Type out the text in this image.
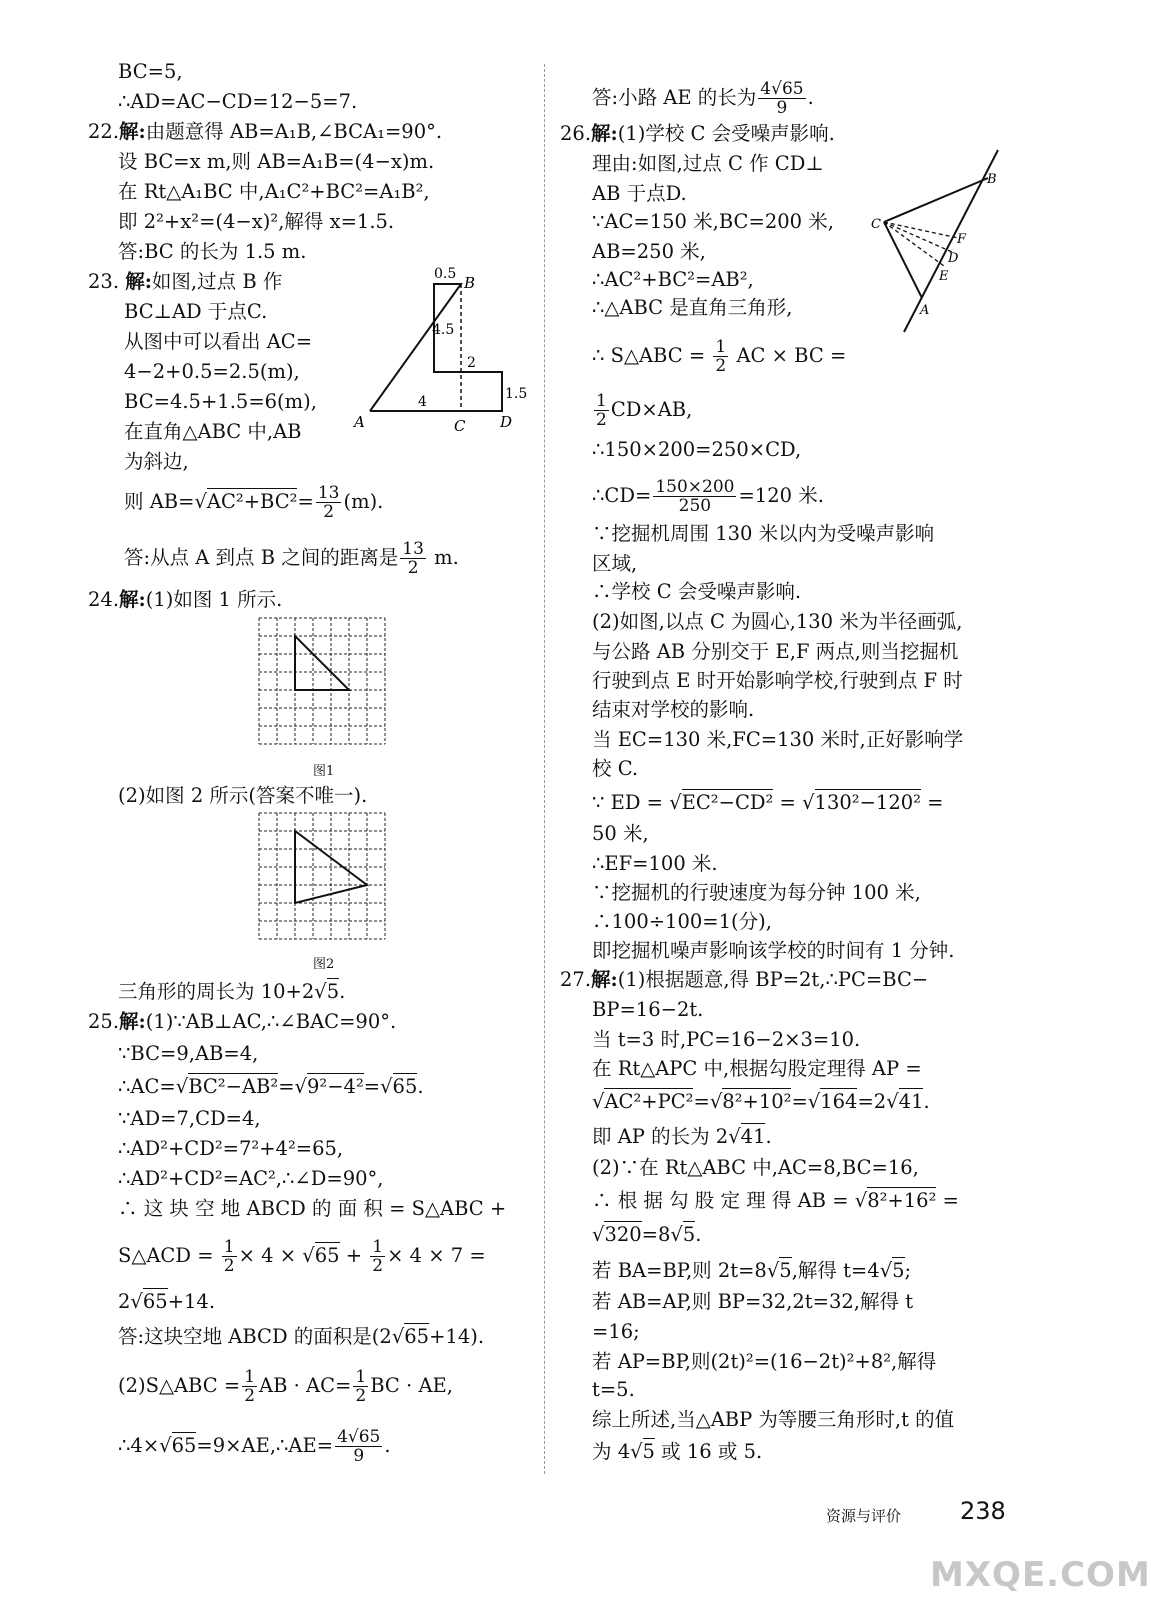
BC=5,
∴AD=AC−CD=12−5=7.
22.解:由题意得 AB=A₁B,∠BCA₁=90°.
设 BC=x m,则 AB=A₁B=(4−x)m.
在 Rt△A₁BC 中,A₁C²+BC²=A₁B²,
即 2²+x²=(4−x)²,解得 x=1.5.
答:BC 的长为 1.5 m.
23. 解:如图,过点 B 作
BC⊥AD 于点C.
从图中可以看出 AC=
4−2+0.5=2.5(m),
BC=4.5+1.5=6(m),
在直角△ABC 中,AB
为斜边,
则 AB= √ $AC^2+BC^2= \frac{13}{2} (m)$.
答:从点 A 到点 B 之间的距离是 $\frac{13}{2} m$.
A
B
C D
0.5
4.5
2
1.5
4
24.解:(1)如图 1 所示.
图1
(2)如图 2 所示(答案不唯一).
图2
三角形的周长为 10+2 √ 5.
25.解:(1)∵AB⊥AC,∴∠BAC=90°.
∵BC=9,AB=4,
∴AC= √ BC²−AB²= √ 9²−4²= √ 65.
∵AD=7,CD=4,
∴AD²+CD²=7²+4²=65,
∴AD²+CD²=AC²,∴∠D=90°,
∴ 这 块 空 地 ABCD 的 面 积 = S△ABC +
S△ACD = $\frac{1}{2} \times 4$ × √ $65 + \frac{1}{2} \times 4 \times 7$ =
2 √ 65+14.
答:这块空地 ABCD 的面积是(2 √ 65+14).
(2)S△ABC = $\frac{1}{2}$ AB · $AC= \frac{1}{2}$ BC · AE,
∴4× √ 65=9×AE,∴AE= $\frac{4√65}{9}$ .
答:小路 AE 的长为 $\frac{4√65}{9}$ .
26.解:(1)学校 C 会受噪声影响.
理由:如图,过点 C 作 CD⊥
AB 于点D.
∵AC=150 米,BC=200 米,
AB=250 米,
∴AC²+BC²=AB²,
∴△ABC 是直角三角形,
∴ S△ABC = $\frac{1}{2}$ AC × BC =
$\frac{1}{2} CD\times AB$,
∴150×200=250×CD,
∴CD= $\frac{150\times 200}{250} =120$ 米.
∵挖掘机周围 130 米以内为受噪声影响
区域,
∴学校 C 会受噪声影响.
(2)如图,以点 C 为圆心,130 米为半径画弧,
与公路 AB 分别交于 E,F 两点,则当挖掘机
行驶到点 E 时开始影响学校,行驶到点 F 时
结束对学校的影响.
当 EC=130 米,FC=130 米时,正好影响学
校 C.
∵ ED = √ EC²−CD² = √ 130²−120² =
50 米,
∴EF=100 米.
∵挖掘机的行驶速度为每分钟 100 米,
∴100÷100=1(分),
即挖掘机噪声影响该学校的时间有 1 分钟.
C
B
A
F
D
E
27.解:(1)根据题意,得 BP=2t,∴PC=BC−
BP=16−2t.
当 t=3 时,PC=16−2×3=10.
在 Rt△APC 中,根据勾股定理得 AP =
√ AC²+PC²= √ 8²+10²= √ 164=2 √ 41.
即 AP 的长为 2 √ 41.
(2)∵在 Rt△ABC 中,AC=8,BC=16,
∴ 根 据 勾 股 定 理 得 AB = √ 8²+16² =
√ 320=8 √ 5.
若 BA=BP,则 2t=8 √ 5,解得 t=4 √ 5;
若 AB=AP,则 BP=32,2t=32,解得 t
=16;
若 AP=BP,则(2t)²=(16−2t)²+8²,解得
t=5.
综上所述,当△ABP 为等腰三角形时,t 的值
为 4 √ 5 或 16 或 5.
资源与评价 238
MXQE.COM
